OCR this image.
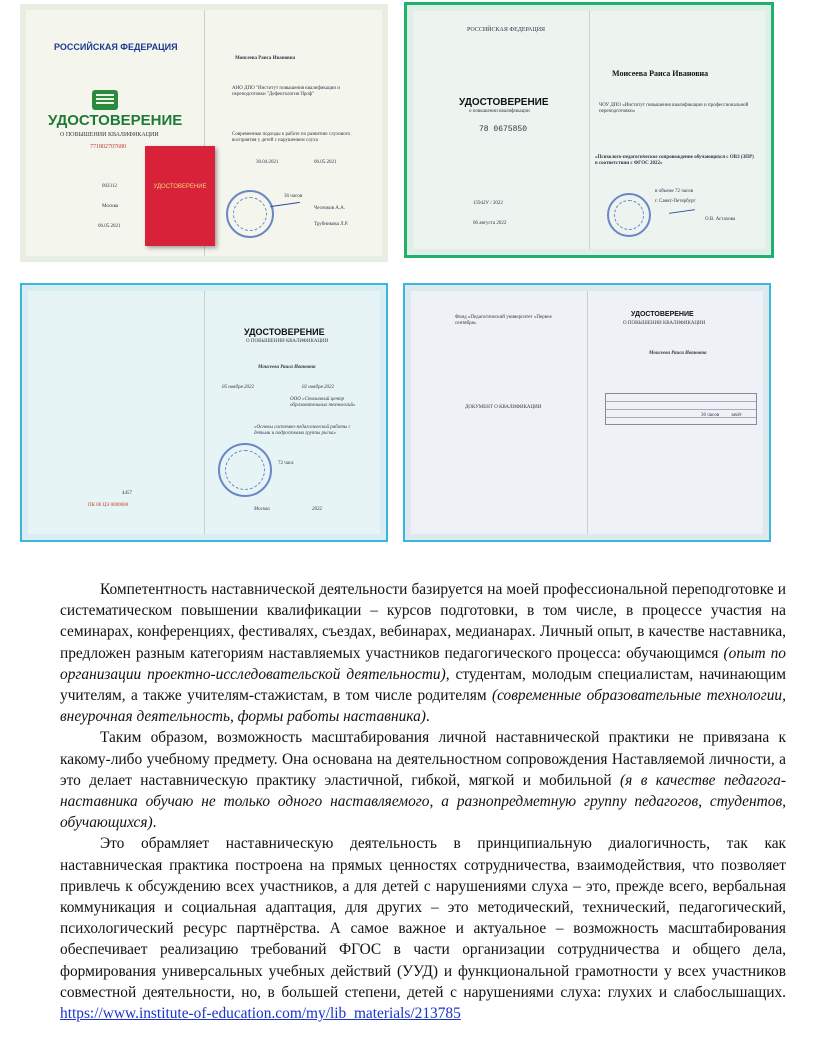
РОССИЙСКАЯ ФЕДЕРАЦИЯ
УДОСТОВЕРЕНИЕ
О ПОВЫШЕНИИ КВАЛИФИКАЦИИ
771802707680
002312
Москва
06.05.2021
УДОСТОВЕРЕНИЕ
Моисеева Раиса Ивановна
АНО ДПО "Институт повышения квалификации и переподготовки "Дефектология Проф"
Современные подходы к работе по развитию слухового восприятия у детей с нарушением слуха
30.04.2021	06.05.2021
36 часов
Чесноков А.А.
Трубникова Л.Р.
РОССИЙСКАЯ ФЕДЕРАЦИЯ
УДОСТОВЕРЕНИЕ
о повышении квалификации
78 0675850
15942У / 2022
06 августа 2022
Моисеева Раиса Ивановна
ЧОУ ДПО «Институт повышения квалификации и профессиональной переподготовки»
«Психолого-педагогическое сопровождение обучающихся с ОВЗ (ЗПР) в соответствии с ФГОС 2022»
в объеме 72 часов
г. Санкт-Петербург
О.В. Астахова
УДОСТОВЕРЕНИЕ
О ПОВЫШЕНИИ КВАЛИФИКАЦИИ
Моисеева Раиса Ивановна
05 ноября 2022	02 ноября 2022
ООО «Столичный центр образовательных технологий»
«Основы системно-педагогической работы с детьми и подростками группы риска»
72 часа
4457
ПК 00 ЦЭ 0000000
Москва	2022
Фонд «Педагогический университет «Первое сентября»
ДОКУМЕНТ О КВАЛИФИКАЦИИ
УДОСТОВЕРЕНИЕ
О ПОВЫШЕНИИ КВАЛИФИКАЦИИ
Моисеева Раиса Ивановна
36 часов зачёт

Компетентность наставнической деятельности базируется на моей профессиональной переподготовке и систематическом повышении квалификации – курсов подготовки, в том числе, в процессе участия на семинарах, конференциях, фестивалях, съездах, вебинарах, медианарах. Личный опыт, в качестве наставника, предложен разным категориям наставляемых участников педагогического процесса: обучающимся (опыт по организации проектно-исследовательской деятельности), студентам, молодым специалистам, начинающим учителям, а также учителям-стажистам, в том числе родителям (современные образовательные технологии, внеурочная деятельность, формы работы наставника).

Таким образом, возможность масштабирования личной наставнической практики не привязана к какому-либо учебному предмету. Она основана на деятельностном сопровождения Наставляемой личности, а это делает наставническую практику эластичной, гибкой, мягкой и мобильной (я в качестве педагога-наставника обучаю не только одного наставляемого, а разнопредметную группу педагогов, студентов, обучающихся).

Это обрамляет наставническую деятельность в принципиальную диалогичность, так как наставническая практика построена на прямых ценностях сотрудничества, взаимодействия, что позволяет привлечь к обсуждению всех участников, а для детей с нарушениями слуха – это, прежде всего, вербальная коммуникация и социальная адаптация, для других – это методический, технический, педагогический, психологический ресурс партнёрства. А самое важное и актуальное – возможность масштабирования обеспечивает реализацию требований ФГОС в части организации сотрудничества и общего дела, формирования универсальных учебных действий (УУД) и функциональной грамотности у всех участников совместной деятельности, но, в большей степени, детей с нарушениями слуха: глухих и слабослышащих. https://www.institute-of-education.com/my/lib_materials/213785
